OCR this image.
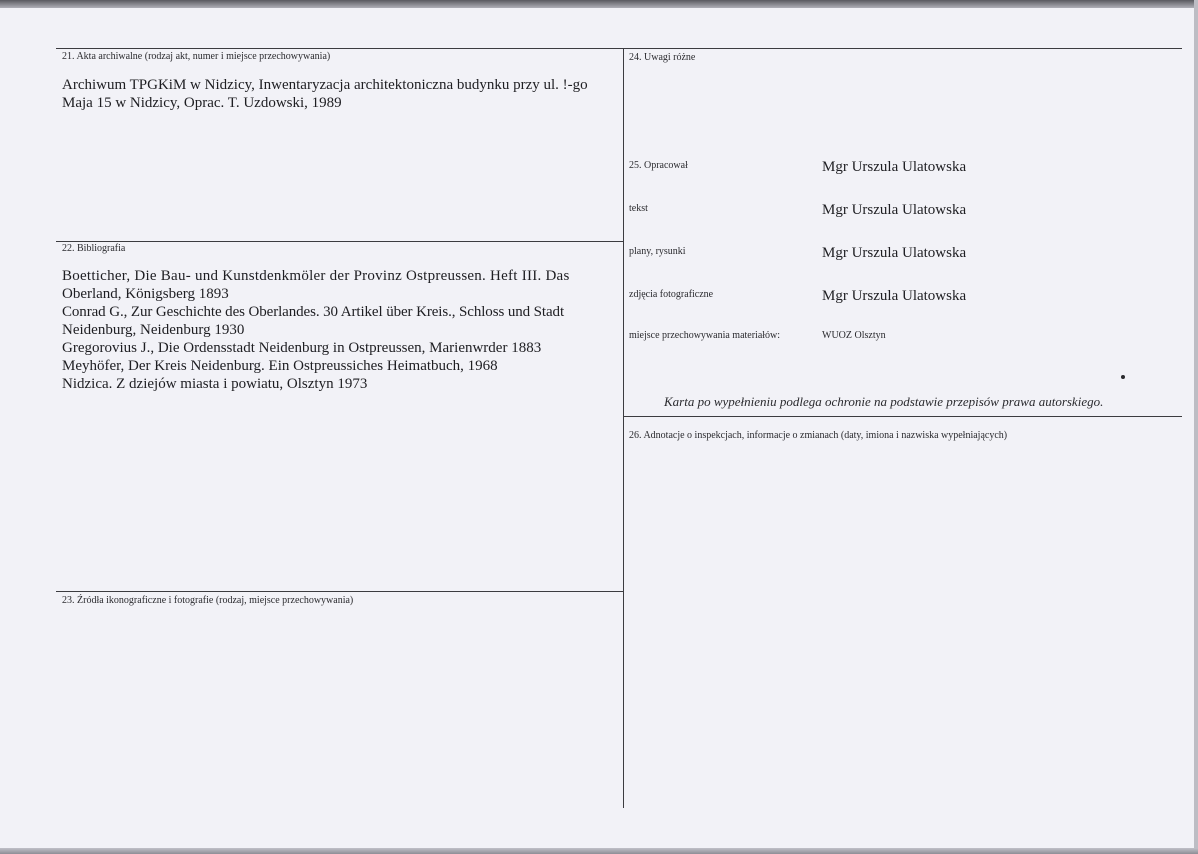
21. Akta archiwalne (rodzaj akt, numer i miejsce przechowywania)
Archiwum TPGKiM w Nidzicy, Inwentaryzacja architektoniczna budynku przy ul. !-go
Maja 15 w Nidzicy, Oprac. T. Uzdowski, 1989
22. Bibliografia
Boetticher, Die Bau- und Kunstdenkmöler der Provinz Ostpreussen. Heft III. Das
Oberland, Königsberg 1893
Conrad G., Zur Geschichte des Oberlandes. 30 Artikel über Kreis., Schloss und Stadt
Neidenburg, Neidenburg 1930
Gregorovius J., Die Ordensstadt Neidenburg in Ostpreussen, Marienwrder 1883
Meyhöfer, Der Kreis Neidenburg. Ein Ostpreussiches Heimatbuch, 1968
Nidzica. Z dziejów miasta i powiatu, Olsztyn 1973
23. Źródła ikonograficzne i fotografie (rodzaj, miejsce przechowywania)
24. Uwagi różne
25. Opracował	Mgr Urszula Ulatowska
tekst	Mgr Urszula Ulatowska
plany, rysunki	Mgr Urszula Ulatowska
zdjęcia fotograficzne	Mgr Urszula Ulatowska
miejsce przechowywania materiałów:	WUOZ Olsztyn
Karta po wypełnieniu podlega ochronie na podstawie przepisów prawa autorskiego.
26. Adnotacje o inspekcjach, informacje o zmianach (daty, imiona i nazwiska wypełniających)
